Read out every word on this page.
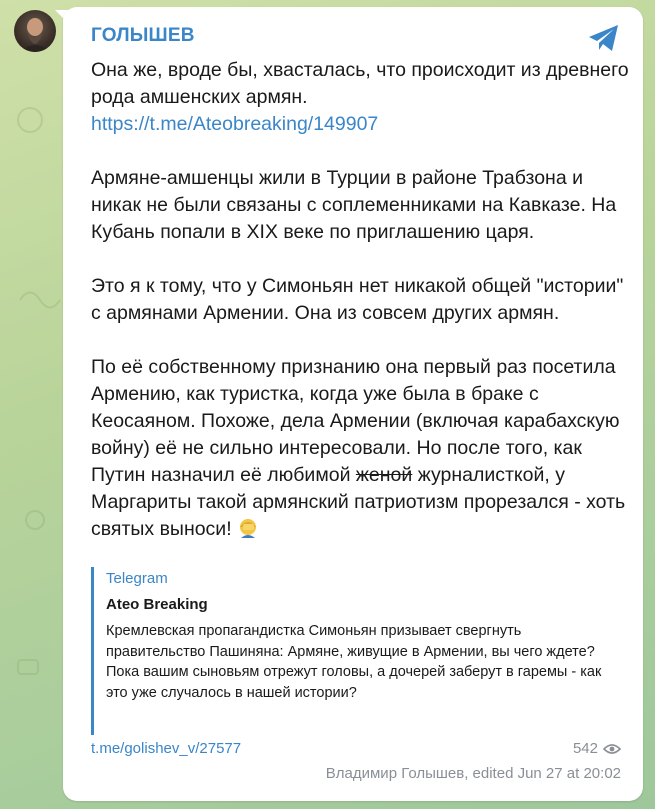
ГОЛЫШЕВ

Она же, вроде бы, хвасталась, что происходит из древнего рода амшенских армян.
https://t.me/Ateobreaking/149907

Армяне-амшенцы жили в Турции в районе Трабзона и никак не были связаны с соплеменниками на Кавказе. На Кубань попали в XIX веке по приглашению царя.

Это я к тому, что у Симоньян нет никакой общей "истории" с армянами Армении. Она из совсем других армян.

По её собственному признанию она первый раз посетила Армению, как туристка, когда уже была в браке с Кеосаяном. Похоже, дела Армении (включая карабахскую войну) её не сильно интересовали. Но после того, как Путин назначил её любимой женой журналисткой, у Маргариты такой армянский патриотизм прорезался - хоть святых выноси!

Telegram
Ateo Breaking
Кремлевская пропагандистка Симоньян призывает свергнуть правительство Пашиняна: Армяне, живущие в Армении, вы чего ждете? Пока вашим сыновьям отрежут головы, а дочерей заберут в гаремы - как это уже случалось в нашей истории?
t.me/golishev_v/27577	542
Владимир Голышев, edited Jun 27 at 20:02
